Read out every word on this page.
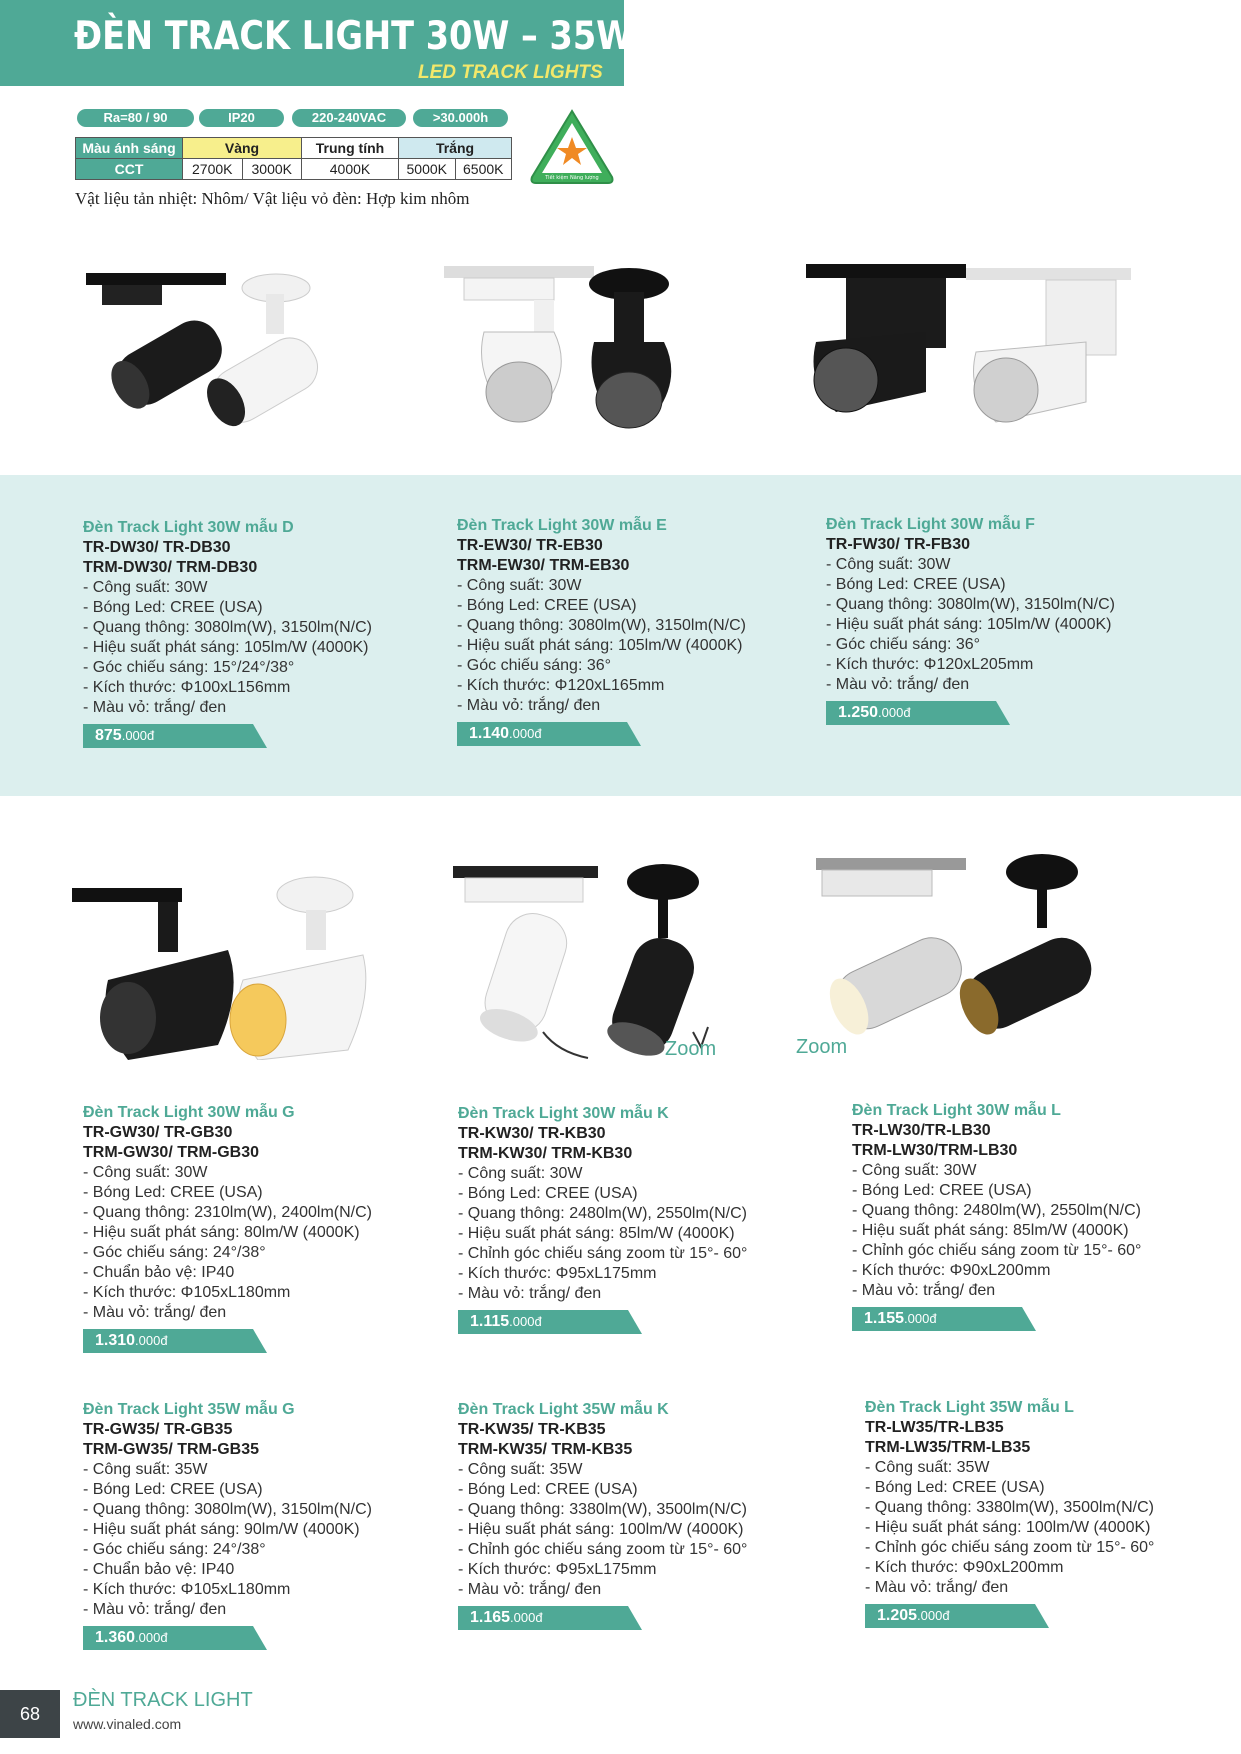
ĐÈN TRACK LIGHT 30W – 35W
LED TRACK LIGHTS
Ra=80 / 90	IP20	220-240VAC	>30.000h
Màu ánh sáng	Vàng		Trung tính	Trắng	
CCT	2700K	3000K	4000K	5000K	6500K
Vật liệu tản nhiệt: Nhôm/ Vật liệu vỏ đèn: Hợp kim nhôm
Tiết kiệm Năng lượng
Zoom	Zoom
Đèn Track Light 30W mẫu D
TR-DW30/ TR-DB30
TRM-DW30/ TRM-DB30
- Công suất: 30W
- Bóng Led: CREE (USA)
- Quang thông: 3080lm(W), 3150lm(N/C)
- Hiệu suất phát sáng: 105lm/W (4000K)
- Góc chiếu sáng: 15°/24°/38°
- Kích thước: Φ100xL156mm
- Màu vỏ: trắng/ đen
875.000đ
Đèn Track Light 30W mẫu E
TR-EW30/ TR-EB30
TRM-EW30/ TRM-EB30
- Công suất: 30W
- Bóng Led: CREE (USA)
- Quang thông: 3080lm(W), 3150lm(N/C)
- Hiệu suất phát sáng: 105lm/W (4000K)
- Góc chiếu sáng: 36°
- Kích thước: Φ120xL165mm
- Màu vỏ: trắng/ đen
1.140.000đ
Đèn Track Light 30W mẫu F
TR-FW30/ TR-FB30
- Công suất: 30W
- Bóng Led: CREE (USA)
- Quang thông: 3080lm(W), 3150lm(N/C)
- Hiệu suất phát sáng: 105lm/W (4000K)
- Góc chiếu sáng: 36°
- Kích thước: Φ120xL205mm
- Màu vỏ: trắng/ đen
1.250.000đ
Đèn Track Light 30W mẫu G
TR-GW30/ TR-GB30
TRM-GW30/ TRM-GB30
- Công suất: 30W
- Bóng Led: CREE (USA)
- Quang thông: 2310lm(W), 2400lm(N/C)
- Hiệu suất phát sáng: 80lm/W (4000K)
- Góc chiếu sáng: 24°/38°
- Chuẩn bảo vệ: IP40
- Kích thước: Φ105xL180mm
- Màu vỏ: trắng/ đen
1.310.000đ
Đèn Track Light 30W mẫu K
TR-KW30/ TR-KB30
TRM-KW30/ TRM-KB30
- Công suất: 30W
- Bóng Led: CREE (USA)
- Quang thông: 2480lm(W), 2550lm(N/C)
- Hiệu suất phát sáng: 85lm/W (4000K)
- Chỉnh góc chiếu sáng zoom từ 15°- 60°
- Kích thước: Φ95xL175mm
- Màu vỏ: trắng/ đen
1.115.000đ
Đèn Track Light 30W mẫu L
TR-LW30/TR-LB30
TRM-LW30/TRM-LB30
- Công suất: 30W
- Bóng Led: CREE (USA)
- Quang thông: 2480lm(W), 2550lm(N/C)
- Hiệu suất phát sáng: 85lm/W (4000K)
- Chỉnh góc chiếu sáng zoom từ 15°- 60°
- Kích thước: Φ90xL200mm
- Màu vỏ: trắng/ đen
1.155.000đ
Đèn Track Light 35W mẫu G
TR-GW35/ TR-GB35
TRM-GW35/ TRM-GB35
- Công suất: 35W
- Bóng Led: CREE (USA)
- Quang thông: 3080lm(W), 3150lm(N/C)
- Hiệu suất phát sáng: 90lm/W (4000K)
- Góc chiếu sáng: 24°/38°
- Chuẩn bảo vệ: IP40
- Kích thước: Φ105xL180mm
- Màu vỏ: trắng/ đen
1.360.000đ
Đèn Track Light 35W mẫu K
TR-KW35/ TR-KB35
TRM-KW35/ TRM-KB35
- Công suất: 35W
- Bóng Led: CREE (USA)
- Quang thông: 3380lm(W), 3500lm(N/C)
- Hiệu suất phát sáng: 100lm/W (4000K)
- Chỉnh góc chiếu sáng zoom từ 15°- 60°
- Kích thước: Φ95xL175mm
- Màu vỏ: trắng/ đen
1.165.000đ
Đèn Track Light 35W mẫu L
TR-LW35/TR-LB35
TRM-LW35/TRM-LB35
- Công suất: 35W
- Bóng Led: CREE (USA)
- Quang thông: 3380lm(W), 3500lm(N/C)
- Hiệu suất phát sáng: 100lm/W (4000K)
- Chỉnh góc chiếu sáng zoom từ 15°- 60°
- Kích thước: Φ90xL200mm
- Màu vỏ: trắng/ đen
1.205.000đ
68
ĐÈN TRACK LIGHT
www.vinaled.com
